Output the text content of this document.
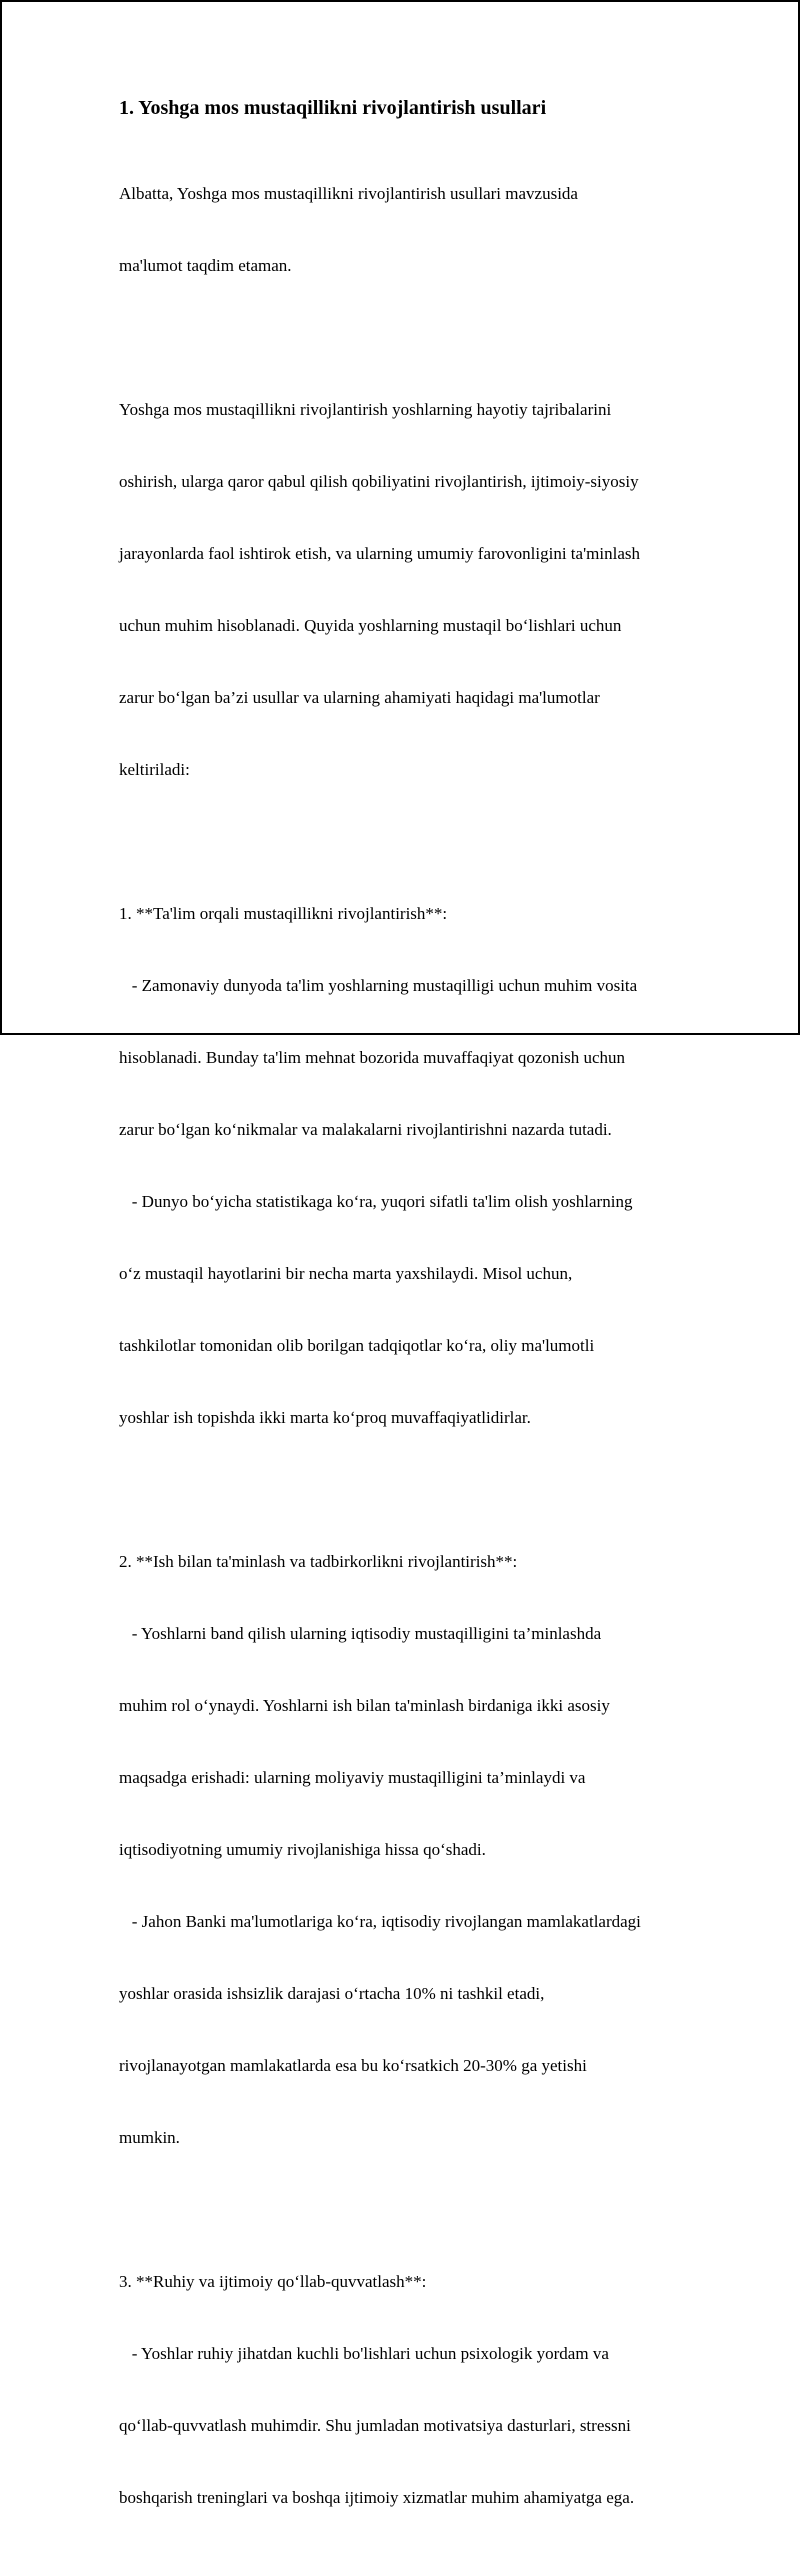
1. Yoshga mos mustaqillikni rivojlantirish usullari

Albatta, Yoshga mos mustaqillikni rivojlantirish usullari mavzusida

ma'lumot taqdim etaman.

Yoshga mos mustaqillikni rivojlantirish yoshlarning hayotiy tajribalarini

oshirish, ularga qaror qabul qilish qobiliyatini rivojlantirish, ijtimoiy-siyosiy

jarayonlarda faol ishtirok etish, va ularning umumiy farovonligini ta'minlash

uchun muhim hisoblanadi. Quyida yoshlarning mustaqil bo‘lishlari uchun

zarur bo‘lgan ba’zi usullar va ularning ahamiyati haqidagi ma'lumotlar

keltiriladi:

1. **Ta'lim orqali mustaqillikni rivojlantirish**:

- Zamonaviy dunyoda ta'lim yoshlarning mustaqilligi uchun muhim vosita

hisoblanadi. Bunday ta'lim mehnat bozorida muvaffaqiyat qozonish uchun

zarur bo‘lgan ko‘nikmalar va malakalarni rivojlantirishni nazarda tutadi.

- Dunyo bo‘yicha statistikaga ko‘ra, yuqori sifatli ta'lim olish yoshlarning

o‘z mustaqil hayotlarini bir necha marta yaxshilaydi. Misol uchun,

tashkilotlar tomonidan olib borilgan tadqiqotlar ko‘ra, oliy ma'lumotli

yoshlar ish topishda ikki marta ko‘proq muvaffaqiyatlidirlar.

2. **Ish bilan ta'minlash va tadbirkorlikni rivojlantirish**:

- Yoshlarni band qilish ularning iqtisodiy mustaqilligini ta’minlashda

muhim rol o‘ynaydi. Yoshlarni ish bilan ta'minlash birdaniga ikki asosiy

maqsadga erishadi: ularning moliyaviy mustaqilligini ta’minlaydi va

iqtisodiyotning umumiy rivojlanishiga hissa qo‘shadi.

- Jahon Banki ma'lumotlariga ko‘ra, iqtisodiy rivojlangan mamlakatlardagi

yoshlar orasida ishsizlik darajasi o‘rtacha 10% ni tashkil etadi,

rivojlanayotgan mamlakatlarda esa bu ko‘rsatkich 20-30% ga yetishi

mumkin.

3. **Ruhiy va ijtimoiy qo‘llab-quvvatlash**:

- Yoshlar ruhiy jihatdan kuchli bo'lishlari uchun psixologik yordam va

qo‘llab-quvvatlash muhimdir. Shu jumladan motivatsiya dasturlari, stressni

boshqarish treninglari va boshqa ijtimoiy xizmatlar muhim ahamiyatga ega.
